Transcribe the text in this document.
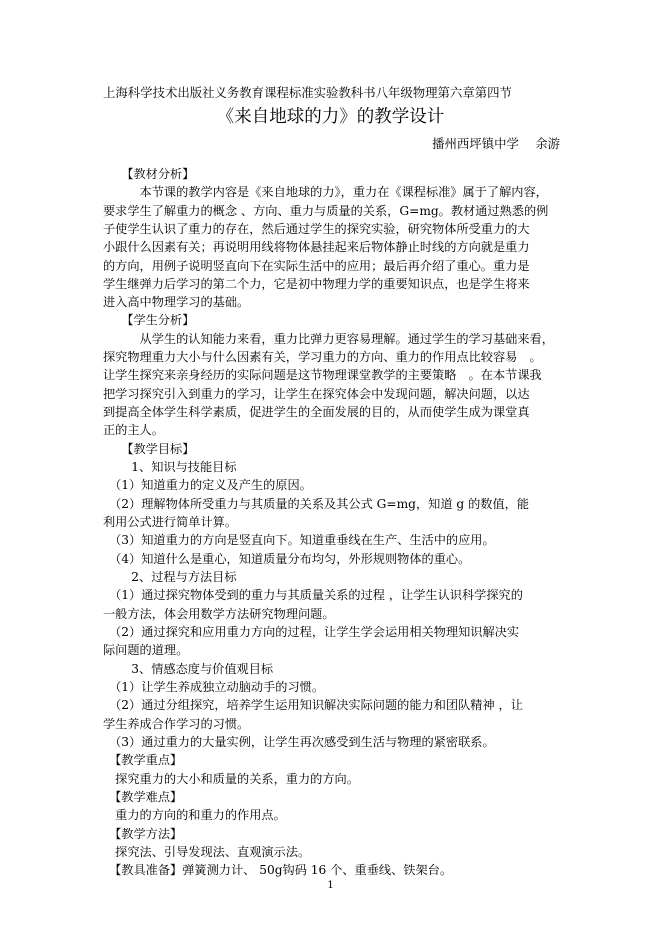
上海科学技术出版社义务教育课程标准实验教科书八年级物理第六章第四节
《来自地球的力》的教学设计
播州西坪镇中学　 余游
　　【教材分析】
　　　本节课的教学内容是《来自地球的力》，重力在《课程标准》属于了解内容，
要求学生了解重力的概念 、方向、重力与质量的关系，G=mg。教材通过熟悉的例
子使学生认识了重力的存在，然后通过学生的探究实验，研究物体所受重力的大
小跟什么因素有关；再说明用线将物体悬挂起来后物体静止时线的方向就是重力
的方向，用例子说明竖直向下在实际生活中的应用；最后再介绍了重心。重力是
学生继弹力后学习的第二个力，它是初中物理力学的重要知识点，也是学生将来
进入高中物理学习的基础。
　　【学生分析】
　　　从学生的认知能力来看，重力比弹力更容易理解。通过学生的学习基础来看，
探究物理重力大小与什么因素有关，学习重力的方向、重力的作用点比较容易　。
让学生探究来亲身经历的实际问题是这节物理课堂教学的主要策略　。在本节课我
把学习探究引入到重力的学习，让学生在探究体会中发现问题，解决问题，以达
到提高全体学生科学素质，促进学生的全面发展的目的，从而使学生成为课堂真
正的主人。
　　【教学目标】
　　 1、知识与技能目标
　（1）知道重力的定义及产生的原因。
　（2）理解物体所受重力与其质量的关系及其公式 G=mg，知道 g 的数值，能
利用公式进行简单计算。
　（3）知道重力的方向是竖直向下。知道重垂线在生产、生活中的应用。
　（4）知道什么是重心，知道质量分布均匀，外形规则物体的重心。
　　 2、过程与方法目标
　（1）通过探究物体受到的重力与其质量关系的过程 ，让学生认识科学探究的
一般方法，体会用数学方法研究物理问题。
　（2）通过探究和应用重力方向的过程，让学生学会运用相关物理知识解决实
际问题的道理。
　　 3、情感态度与价值观目标
　（1）让学生养成独立动脑动手的习惯。
　（2）通过分组探究，培养学生运用知识解决实际问题的能力和团队精神 ，让
学生养成合作学习的习惯。
　（3）通过重力的大量实例，让学生再次感受到生活与物理的紧密联系。
　【教学重点】
　探究重力的大小和质量的关系，重力的方向。
　【教学难点】
　重力的方向的和重力的作用点。
　【教学方法】
　探究法、引导发现法、直观演示法。
　【教具准备】弹簧测力计、 50g钩码 16 个、重垂线、铁架台。
1
